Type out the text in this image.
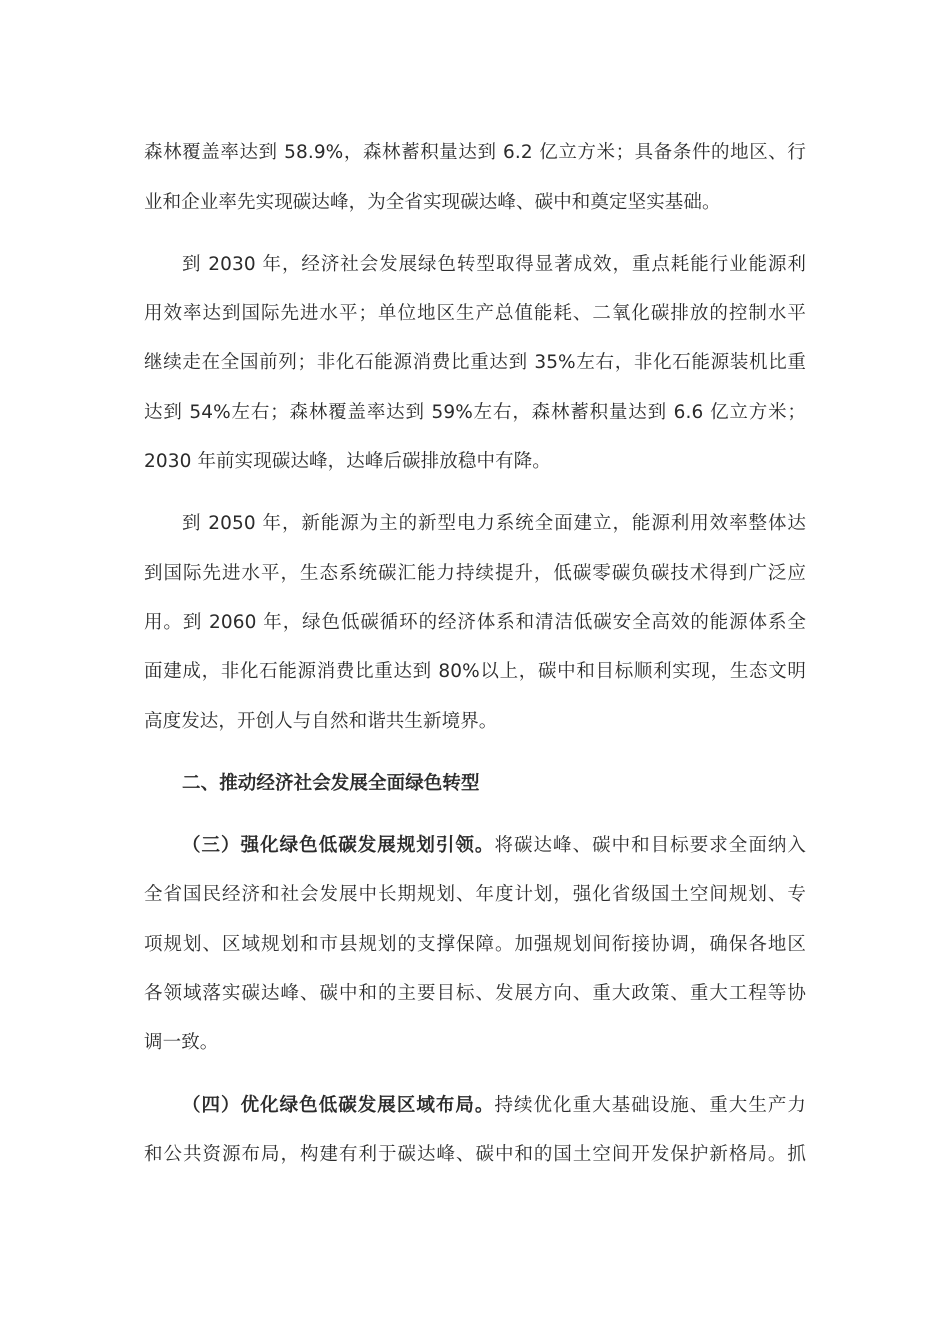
森林覆盖率达到 58.9%，森林蓄积量达到 6.2 亿立方米；具备条件的地区、行
业和企业率先实现碳达峰，为全省实现碳达峰、碳中和奠定坚实基础。
到 2030 年，经济社会发展绿色转型取得显著成效，重点耗能行业能源利
用效率达到国际先进水平；单位地区生产总值能耗、二氧化碳排放的控制水平
继续走在全国前列；非化石能源消费比重达到 35%左右，非化石能源装机比重
达到 54%左右；森林覆盖率达到 59%左右，森林蓄积量达到 6.6 亿立方米；
2030 年前实现碳达峰，达峰后碳排放稳中有降。
到 2050 年，新能源为主的新型电力系统全面建立，能源利用效率整体达
到国际先进水平，生态系统碳汇能力持续提升，低碳零碳负碳技术得到广泛应
用。到 2060 年，绿色低碳循环的经济体系和清洁低碳安全高效的能源体系全
面建成，非化石能源消费比重达到 80%以上，碳中和目标顺利实现，生态文明
高度发达，开创人与自然和谐共生新境界。
二、推动经济社会发展全面绿色转型
（三）强化绿色低碳发展规划引领。将碳达峰、碳中和目标要求全面纳入
全省国民经济和社会发展中长期规划、年度计划，强化省级国土空间规划、专
项规划、区域规划和市县规划的支撑保障。加强规划间衔接协调，确保各地区
各领域落实碳达峰、碳中和的主要目标、发展方向、重大政策、重大工程等协
调一致。
（四）优化绿色低碳发展区域布局。持续优化重大基础设施、重大生产力
和公共资源布局，构建有利于碳达峰、碳中和的国土空间开发保护新格局。抓
